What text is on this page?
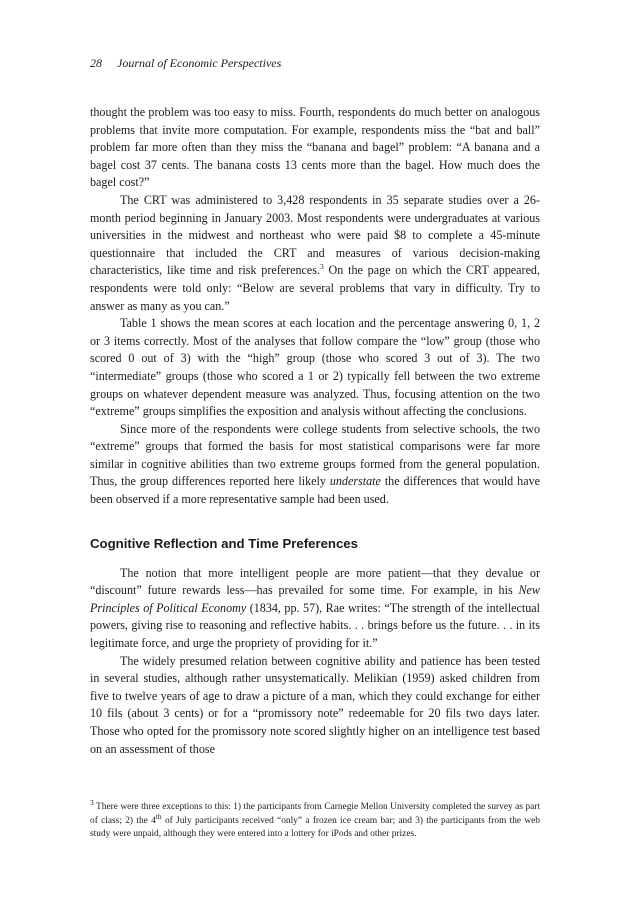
28 Journal of Economic Perspectives

thought the problem was too easy to miss. Fourth, respondents do much better on analogous problems that invite more computation. For example, respondents miss the “bat and ball” problem far more often than they miss the “banana and bagel” problem: “A banana and a bagel cost 37 cents. The banana costs 13 cents more than the bagel. How much does the bagel cost?”

The CRT was administered to 3,428 respondents in 35 separate studies over a 26-month period beginning in January 2003. Most respondents were undergraduates at various universities in the midwest and northeast who were paid $8 to complete a 45-minute questionnaire that included the CRT and measures of various decision-making characteristics, like time and risk preferences.$^3$ On the page on which the CRT appeared, respondents were told only: “Below are several problems that vary in difficulty. Try to answer as many as you can.”

Table 1 shows the mean scores at each location and the percentage answering 0, 1, 2 or 3 items correctly. Most of the analyses that follow compare the “low” group (those who scored 0 out of 3) with the “high” group (those who scored 3 out of 3). The two “intermediate” groups (those who scored a 1 or 2) typically fell between the two extreme groups on whatever dependent measure was analyzed. Thus, focusing attention on the two “extreme” groups simplifies the exposition and analysis without affecting the conclusions.

Since more of the respondents were college students from selective schools, the two “extreme” groups that formed the basis for most statistical comparisons were far more similar in cognitive abilities than two extreme groups formed from the general population. Thus, the group differences reported here likely understate the differences that would have been observed if a more representative sample had been used.

Cognitive Reflection and Time Preferences

The notion that more intelligent people are more patient—that they devalue or “discount” future rewards less—has prevailed for some time. For example, in his New Principles of Political Economy (1834, pp. 57), Rae writes: “The strength of the intellectual powers, giving rise to reasoning and reflective habits. . . brings before us the future. . . in its legitimate force, and urge the propriety of providing for it.”

The widely presumed relation between cognitive ability and patience has been tested in several studies, although rather unsystematically. Melikian (1959) asked children from five to twelve years of age to draw a picture of a man, which they could exchange for either 10 fils (about 3 cents) or for a “promissory note” redeemable for 20 fils two days later. Those who opted for the promissory note scored slightly higher on an intelligence test based on an assessment of those

$^3$ There were three exceptions to this: 1) the participants from Carnegie Mellon University completed the survey as part of class; 2) the 4th of July participants received “only” a frozen ice cream bar; and 3) the participants from the web study were unpaid, although they were entered into a lottery for iPods and other prizes.
